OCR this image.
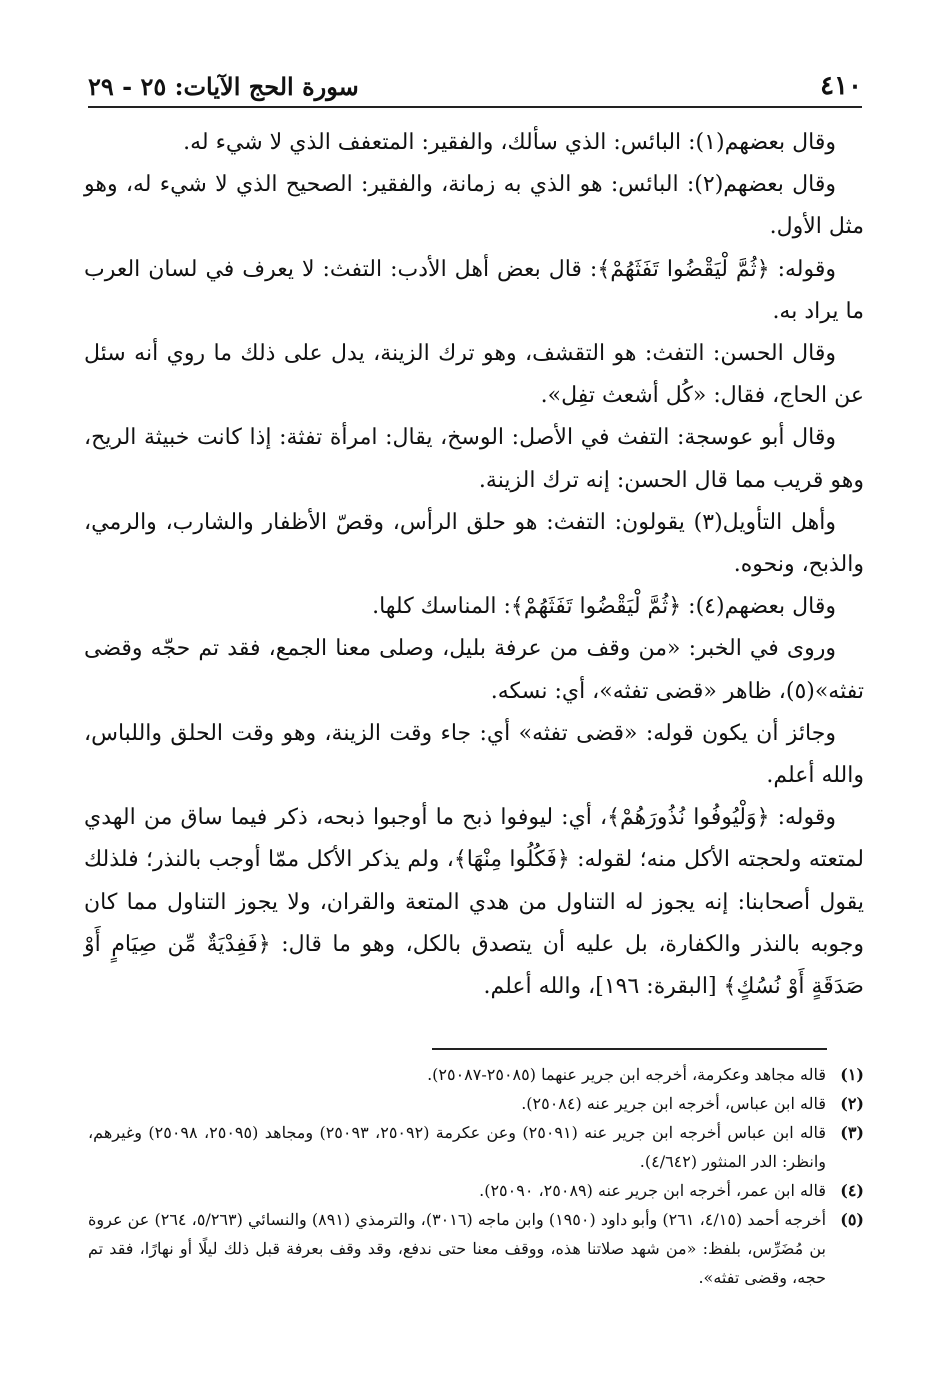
٤١٠
سورة الحج الآيات: ٢٥ - ٢٩

وقال بعضهم(١): البائس: الذي سألك، والفقير: المتعفف الذي لا شيء له.

وقال بعضهم(٢): البائس: هو الذي به زمانة، والفقير: الصحيح الذي لا شيء له، وهو مثل الأول.

وقوله: ﴿ثُمَّ لْيَقْضُوا تَفَثَهُمْ﴾: قال بعض أهل الأدب: التفث: لا يعرف في لسان العرب ما يراد به.

وقال الحسن: التفث: هو التقشف، وهو ترك الزينة، يدل على ذلك ما روي أنه سئل عن الحاج، فقال: «كُل أشعث تفِل».

وقال أبو عوسجة: التفث في الأصل: الوسخ، يقال: امرأة تفثة: إذا كانت خبيثة الريح، وهو قريب مما قال الحسن: إنه ترك الزينة.

وأهل التأويل(٣) يقولون: التفث: هو حلق الرأس، وقصّ الأظفار والشارب، والرمي، والذبح، ونحوه.

وقال بعضهم(٤): ﴿ثُمَّ لْيَقْضُوا تَفَثَهُمْ﴾: المناسك كلها.

وروى في الخبر: «من وقف من عرفة بليل، وصلى معنا الجمع، فقد تم حجّه وقضى تفثه»(٥)، ظاهر «قضى تفثه»، أي: نسكه.

وجائز أن يكون قوله: «قضى تفثه» أي: جاء وقت الزينة، وهو وقت الحلق واللباس، والله أعلم.

وقوله: ﴿وَلْيُوفُوا نُذُورَهُمْ﴾، أي: ليوفوا ذبح ما أوجبوا ذبحه، ذكر فيما ساق من الهدي لمتعته ولحجته الأكل منه؛ لقوله: ﴿فَكُلُوا مِنْهَا﴾، ولم يذكر الأكل ممّا أوجب بالنذر؛ فلذلك يقول أصحابنا: إنه يجوز له التناول من هدي المتعة والقران، ولا يجوز التناول مما كان وجوبه بالنذر والكفارة، بل عليه أن يتصدق بالكل، وهو ما قال: ﴿فَفِدْيَةٌ مِّن صِيَامٍ أَوْ صَدَقَةٍ أَوْ نُسُكٍ﴾ [البقرة: ١٩٦]، والله أعلم.

(١)
قاله مجاهد وعكرمة، أخرجه ابن جرير عنهما (٢٥٠٨٥-٢٥٠٨٧).
(٢)
قاله ابن عباس، أخرجه ابن جرير عنه (٢٥٠٨٤).
(٣)
قاله ابن عباس أخرجه ابن جرير عنه (٢٥٠٩١) وعن عكرمة (٢٥٠٩٢، ٢٥٠٩٣) ومجاهد (٢٥٠٩٥، ٢٥٠٩٨) وغيرهم، وانظر: الدر المنثور (٤/٦٤٢).
(٤)
قاله ابن عمر، أخرجه ابن جرير عنه (٢٥٠٨٩، ٢٥٠٩٠).
(٥)
أخرجه أحمد (٤/١٥، ٢٦١) وأبو داود (١٩٥٠) وابن ماجه (٣٠١٦)، والترمذي (٨٩١) والنسائي (٥/٢٦٣، ٢٦٤) عن عروة بن مُضَرِّس، بلفظ: «من شهد صلاتنا هذه، ووقف معنا حتى ندفع، وقد وقف بعرفة قبل ذلك ليلًا أو نهارًا، فقد تم حجه، وقضى تفثه».
